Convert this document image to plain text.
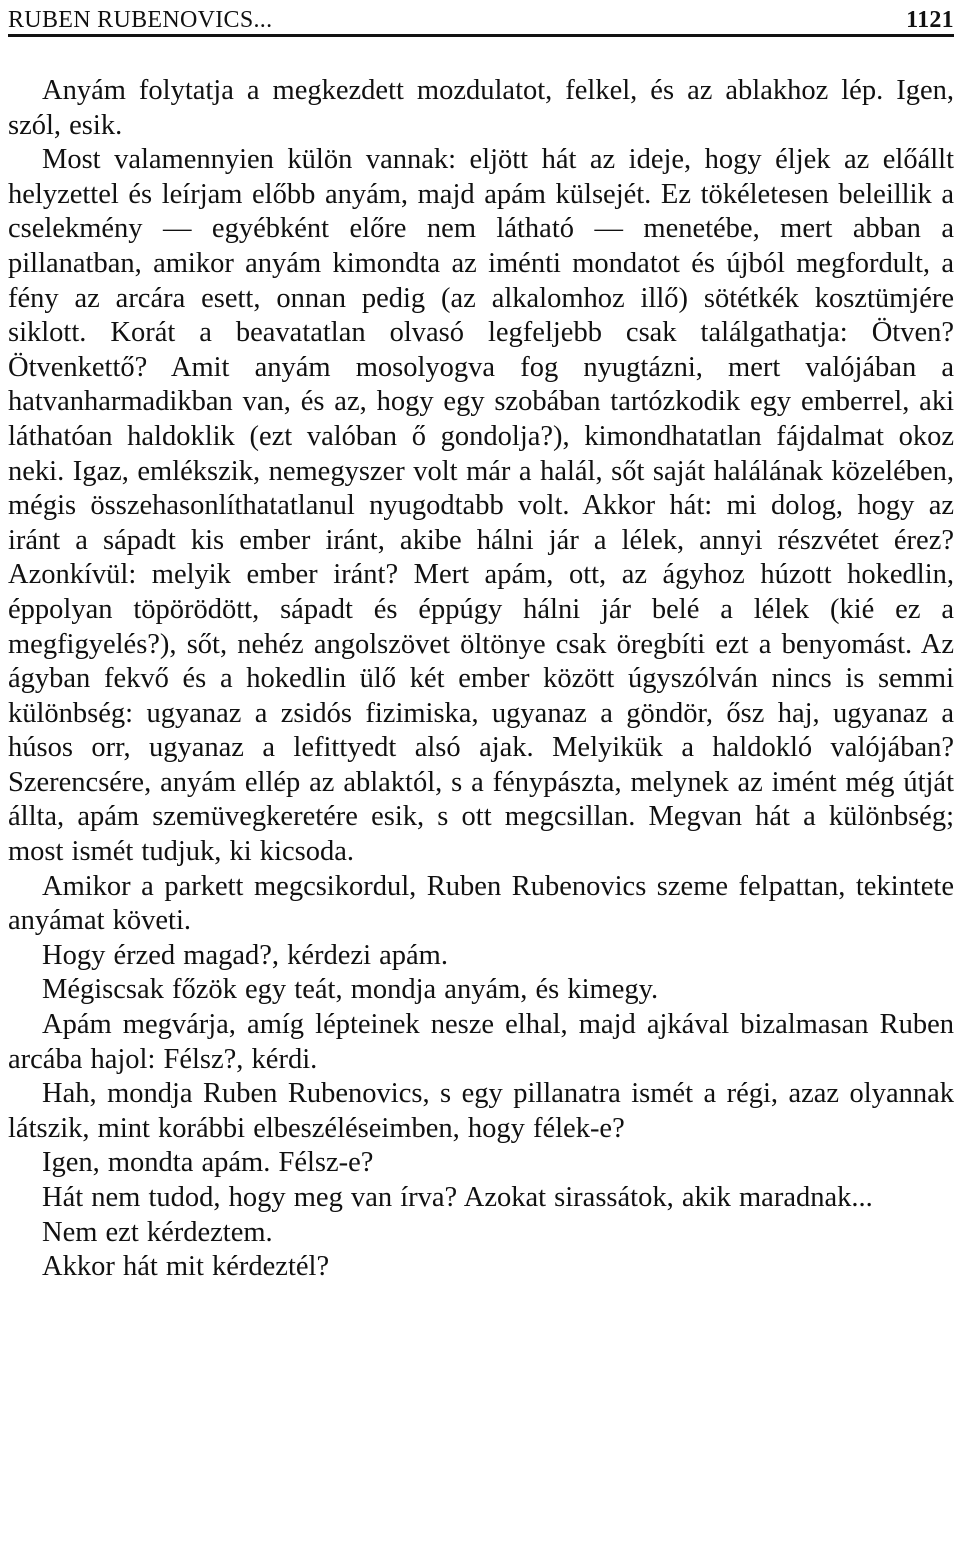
RUBEN RUBENOVICS...	1121

Anyám folytatja a megkezdett mozdulatot, felkel, és az ablakhoz lép. Igen, szól, esik.

Most valamennyien külön vannak: eljött hát az ideje, hogy éljek az előállt helyzettel és leírjam előbb anyám, majd apám külsejét. Ez tökéletesen beleillik a cselekmény — egyébként előre nem látható — menetébe, mert abban a pillanatban, amikor anyám kimondta az iménti mondatot és újból megfordult, a fény az arcára esett, onnan pedig (az alkalomhoz illő) sötétkék kosztümjére siklott. Korát a beavatatlan olvasó legfeljebb csak találgathatja: Ötven? Ötvenkettő? Amit anyám mosolyogva fog nyugtázni, mert valójában a hatvanharmadikban van, és az, hogy egy szobában tartózkodik egy emberrel, aki láthatóan haldoklik (ezt valóban ő gondolja?), kimondhatatlan fájdalmat okoz neki. Igaz, emlékszik, nemegyszer volt már a halál, sőt saját halálának közelében, mégis összehasonlíthatatlanul nyugodtabb volt. Akkor hát: mi dolog, hogy az iránt a sápadt kis ember iránt, akibe hálni jár a lélek, annyi részvétet érez? Azonkívül: melyik ember iránt? Mert apám, ott, az ágyhoz húzott hokedlin, éppolyan töpörödött, sápadt és éppúgy hálni jár belé a lélek (kié ez a megfigyelés?), sőt, nehéz angolszövet öltönye csak öregbíti ezt a benyomást. Az ágyban fekvő és a hokedlin ülő két ember között úgyszólván nincs is semmi különbség: ugyanaz a zsidós fizimiska, ugyanaz a göndör, ősz haj, ugyanaz a húsos orr, ugyanaz a lefittyedt alsó ajak. Melyikük a haldokló valójában? Szerencsére, anyám ellép az ablaktól, s a fénypászta, melynek az imént még útját állta, apám szemüvegkeretére esik, s ott megcsillan. Megvan hát a különbség; most ismét tudjuk, ki kicsoda.

Amikor a parkett megcsikordul, Ruben Rubenovics szeme felpattan, tekintete anyámat követi.

Hogy érzed magad?, kérdezi apám.

Mégiscsak főzök egy teát, mondja anyám, és kimegy.

Apám megvárja, amíg lépteinek nesze elhal, majd ajkával bizalmasan Ruben arcába hajol: Félsz?, kérdi.

Hah, mondja Ruben Rubenovics, s egy pillanatra ismét a régi, azaz olyannak látszik, mint korábbi elbeszéléseimben, hogy félek-e?

Igen, mondta apám. Félsz-e?

Hát nem tudod, hogy meg van írva? Azokat sirassátok, akik maradnak...

Nem ezt kérdeztem.

Akkor hát mit kérdeztél?
